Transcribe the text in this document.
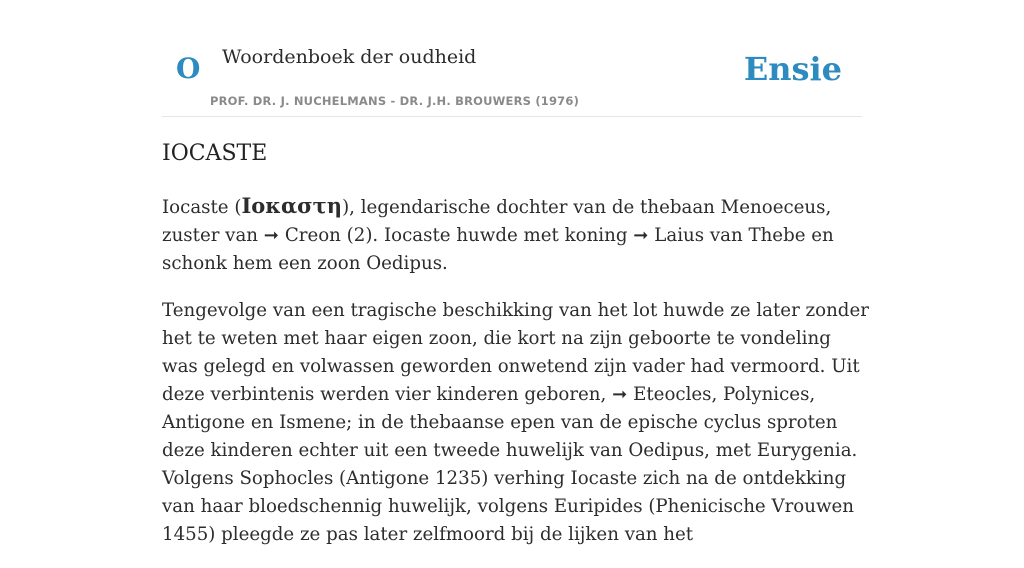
O Woordenboek der oudheid	Ensie
PROF. DR. J. NUCHELMANS - DR. J.H. BROUWERS (1976)
IOCASTE

Iocaste (Ιοκαστη), legendarische dochter van de thebaan Menoeceus, zuster van ➞ Creon (2). Iocaste huwde met koning ➞ Laius van Thebe en schonk hem een zoon Oedipus.

Tengevolge van een tragische beschikking van het lot huwde ze later zonder het te weten met haar eigen zoon, die kort na zijn geboorte te vondeling was gelegd en volwassen geworden onwetend zijn vader had vermoord. Uit deze verbintenis werden vier kinderen geboren, ➞ Eteocles, Polynices, Antigone en Ismene; in de thebaanse epen van de epische cyclus sproten deze kinderen echter uit een tweede huwelijk van Oedipus, met Eurygenia. Volgens Sophocles (Antigone 1235) verhing Iocaste zich na de ontdekking van haar bloedschennig huwelijk, volgens Euripides (Phenicische Vrouwen 1455) pleegde ze pas later zelfmoord bij de lijken van het
